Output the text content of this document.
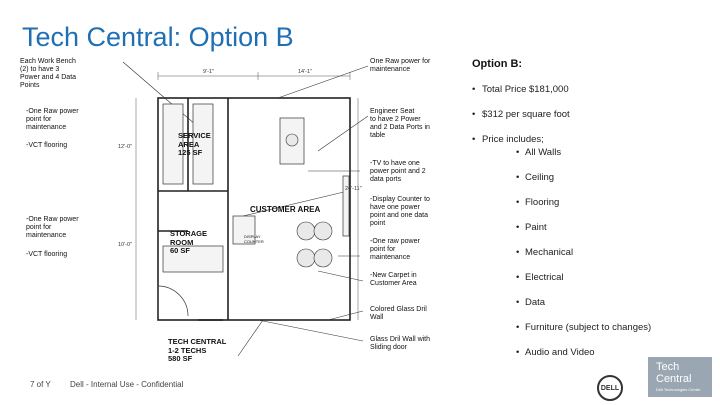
Tech Central: Option B
Each Work Bench
(2) to have 3
Power and 4 Data
Points
-One Raw power
point for
maintenance
-VCT flooring
-One Raw power
point for
maintenance
-VCT flooring
One Raw power for
maintenance
Engineer Seat
to have 2 Power
and 2 Data Ports in
table
-TV to have one
power point and 2
data ports
-Display Counter to
have one power
point and one data
point
-One raw power
point for
maintenance
-New Carpet in
Customer Area
Colored Glass Dril
Wall
Glass Dril Wall with
Sliding door
SERVICE
AREA
125 SF
CUSTOMER AREA
STORAGE
ROOM
60 SF
DISPLAY
COUNTER
TECH CENTRAL
1-2 TECHS
580 SF
9'-1"	14'-1"
12'-0"
10'-0"
24'-11"
Option B:
• Total Price $181,000
• $312 per square foot
• Price includes;
• All Walls
• Ceiling
• Flooring
• Paint
• Mechanical
• Electrical
• Data
• Furniture (subject to changes)
• Audio and Video
7 of Y Dell - Internal Use - Confidential	DELL
Tech
Central
Dell Technologies Center
